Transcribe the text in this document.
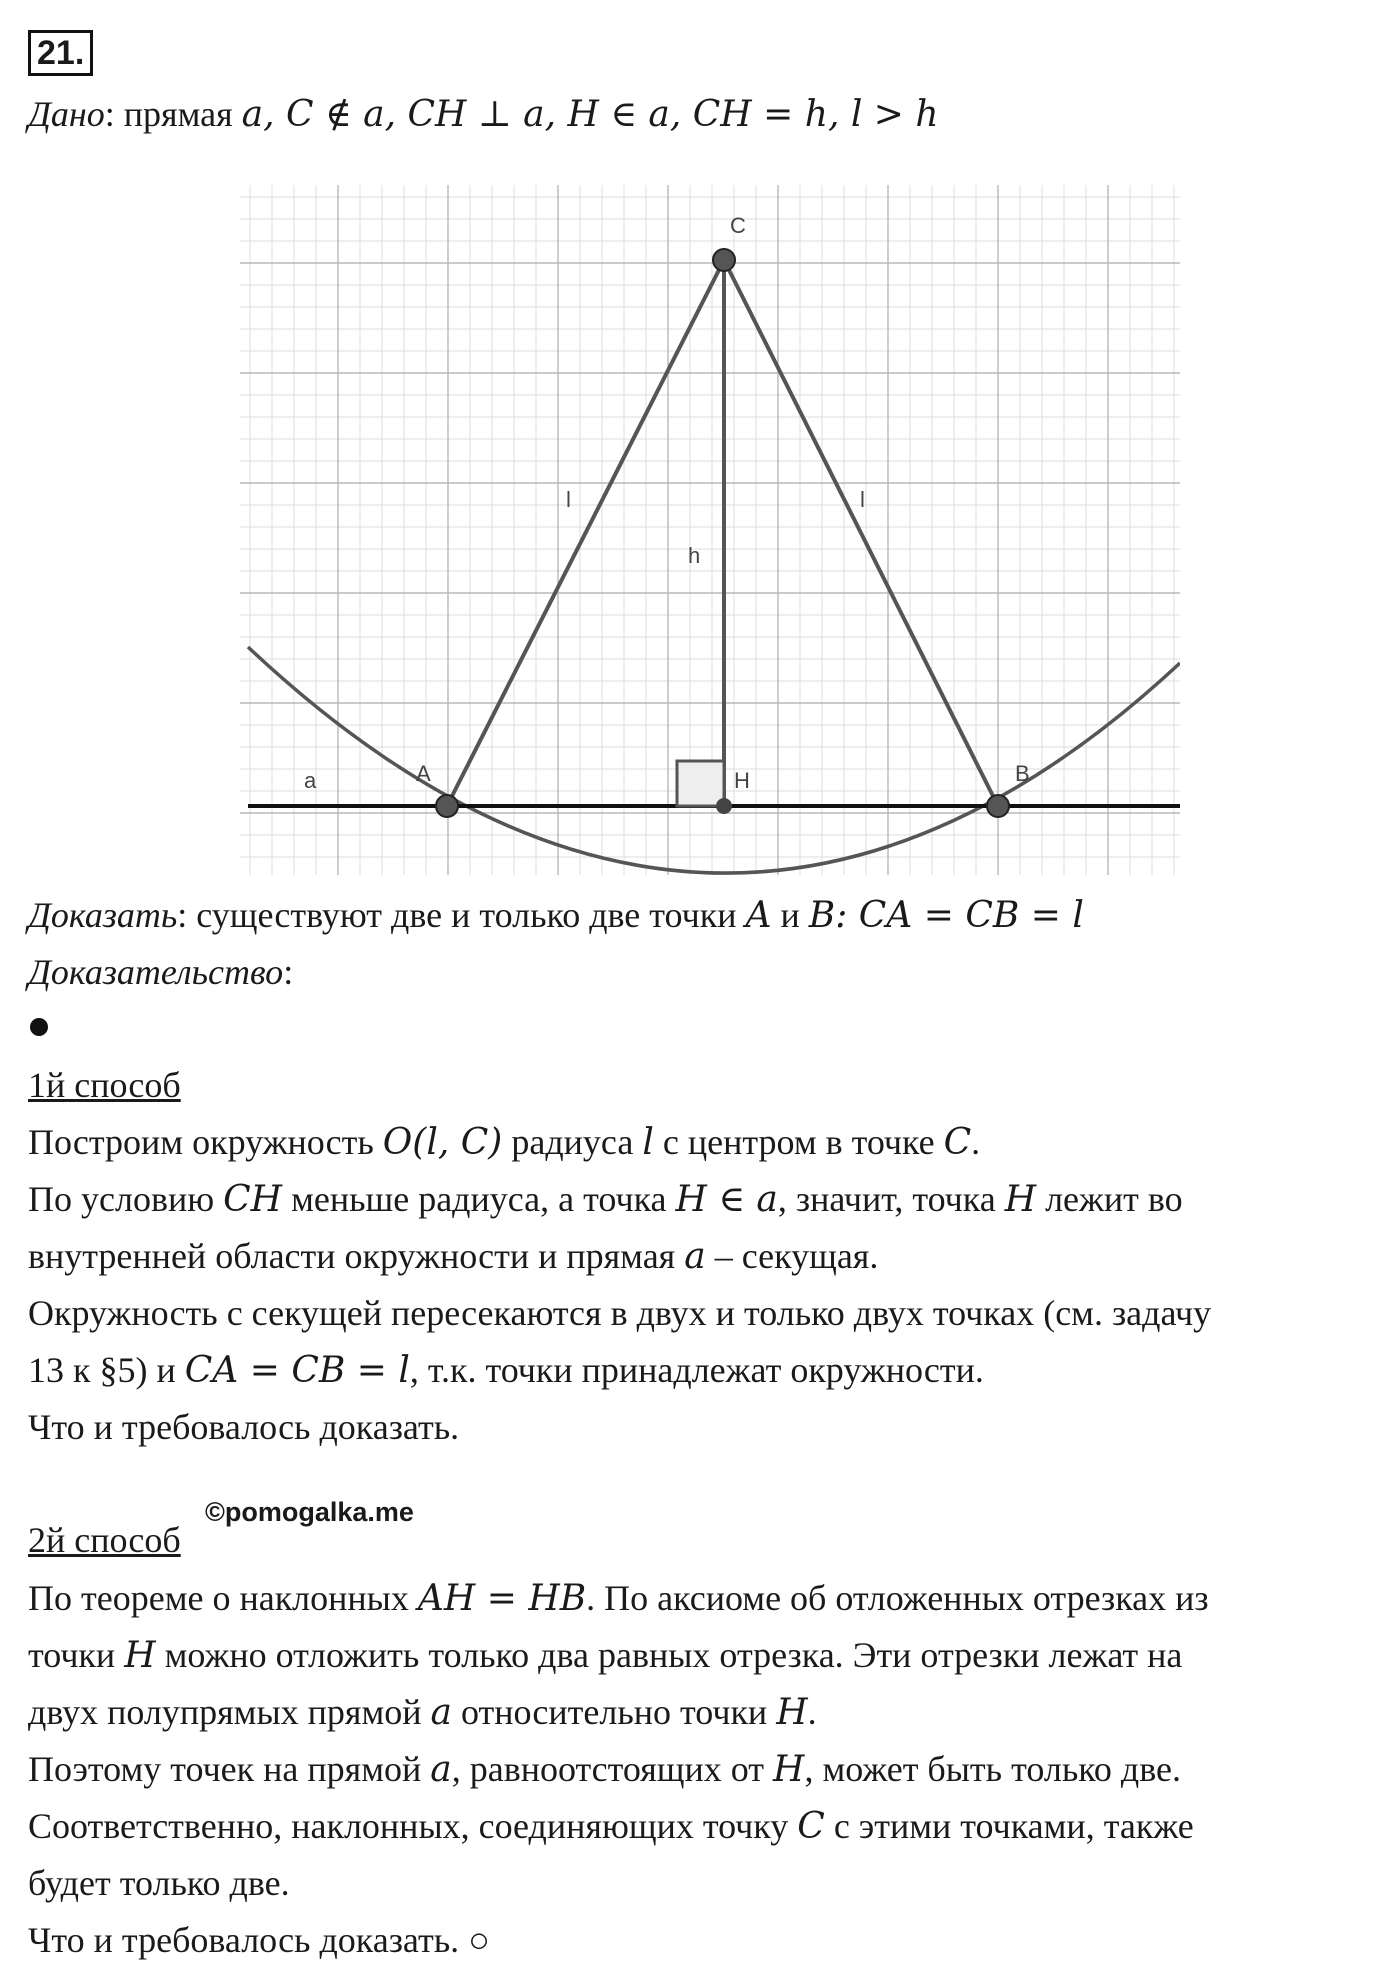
21.
Дано: прямая a, C ∉ a, CH ⊥ a, H ∈ a, CH = h, l > h
C
A	B
H
a
l	l
h
Доказать: существуют две и только две точки A и B: CA = CB = l
Доказательство:
1й способ
Построим окружность O(l, C) радиуса l с центром в точке C.
По условию CH меньше радиуса, а точка H ∈ a, значит, точка H лежит во
внутренней области окружности и прямая a – секущая.
Окружность с секущей пересекаются в двух и только двух точках (см. задачу
13 к §5) и CA = CB = l, т.к. точки принадлежат окружности.
Что и требовалось доказать.
2й способ
©pomogalka.me
По теореме о наклонных AH = HB. По аксиоме об отложенных отрезках из
точки H можно отложить только два равных отрезка. Эти отрезки лежат на
двух полупрямых прямой a относительно точки H.
Поэтому точек на прямой a, равноотстоящих от H, может быть только две.
Соответственно, наклонных, соединяющих точку C с этими точками, также
будет только две.
Что и требовалось доказать. ○
